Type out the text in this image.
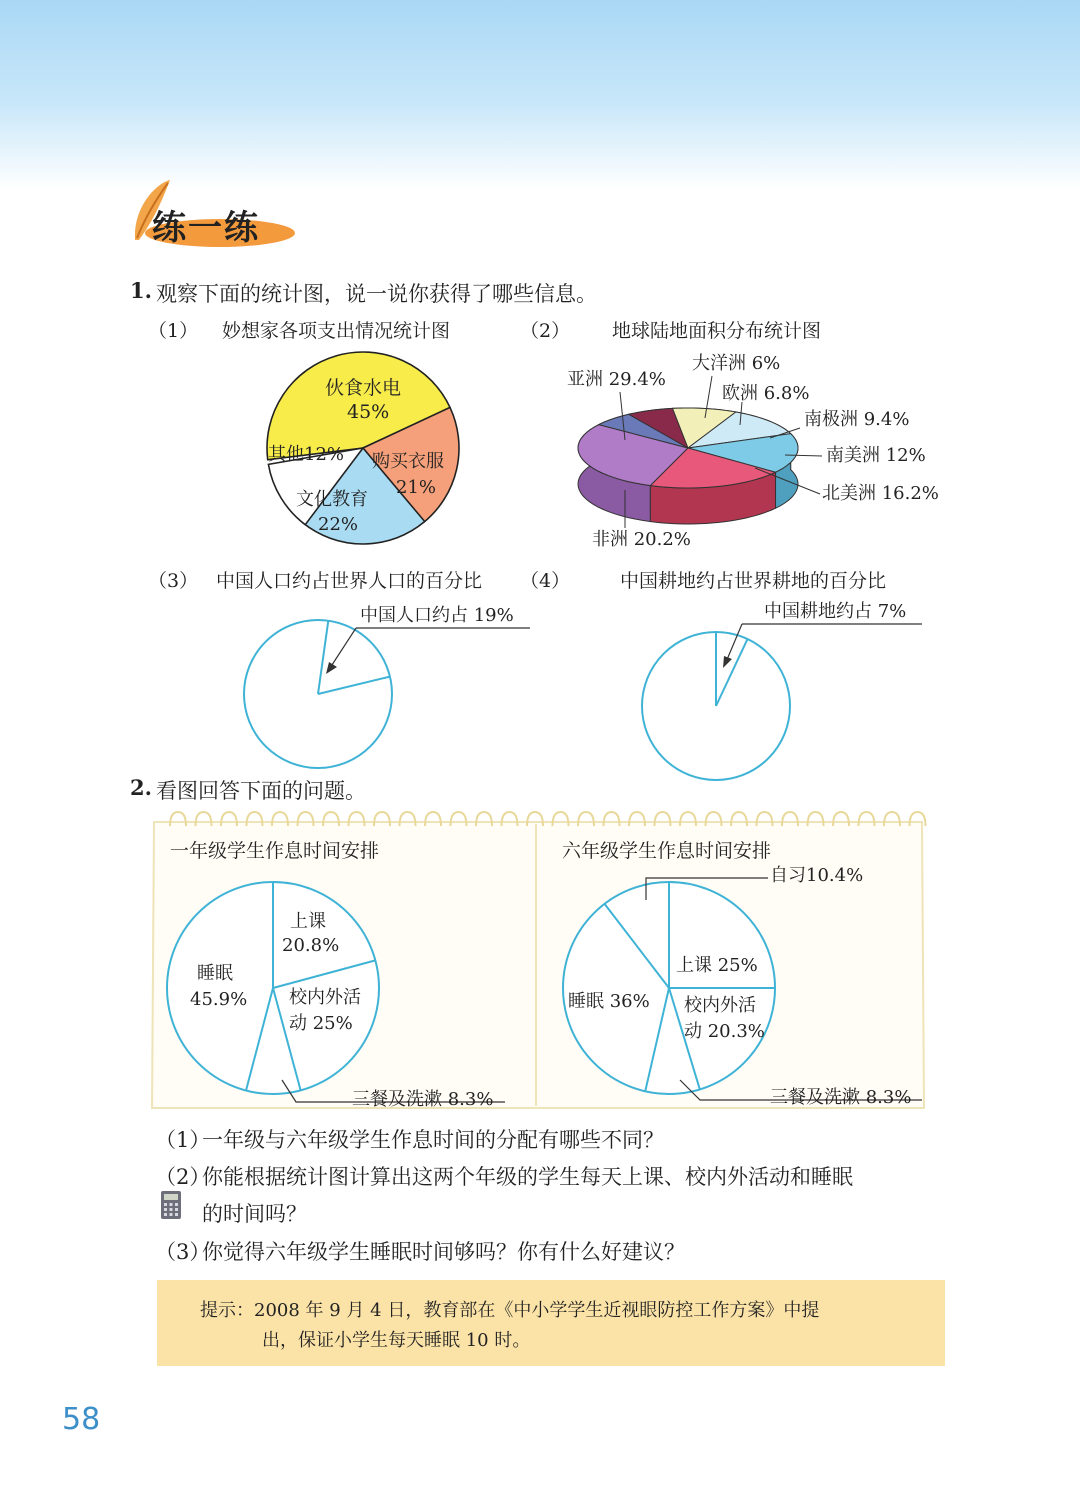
练一练
1. 观察下面的统计图，说一说你获得了哪些信息。
（1） 妙想家各项支出情况统计图	（2） 地球陆地面积分布统计图
伙食水电
45%
其他12% 购买衣服
21%
文化教育
22%
亚洲 29.4%
大洋洲 6%
欧洲 6.8%
南极洲 9.4%
南美洲 12%
北美洲 16.2%
非洲 20.2%
（3） 中国人口约占世界人口的百分比 （4）	中国耕地约占世界耕地的百分比
中国人口约占 19%	中国耕地约占 7%
2. 看图回答下面的问题。
一年级学生作息时间安排	六年级学生作息时间安排
上课
20.8%
睡眠
45.9% 校内外活
动 25%
三餐及洗漱 8.3%
自习10.4%
上课 25%
睡眠 36% 校内外活
动 20.3%
三餐及洗漱 8.3%
（1）
一年级与六年级学生作息时间的分配有哪些不同？
（2）
你能根据统计图计算出这两个年级的学生每天上课、校内外活动和睡眠
的时间吗？
（3）
你觉得六年级学生睡眠时间够吗？你有什么好建议？
提示：2008 年 9 月 4 日，教育部在《中小学学生近视眼防控工作方案》中提
出，保证小学生每天睡眠 10 时。
58
